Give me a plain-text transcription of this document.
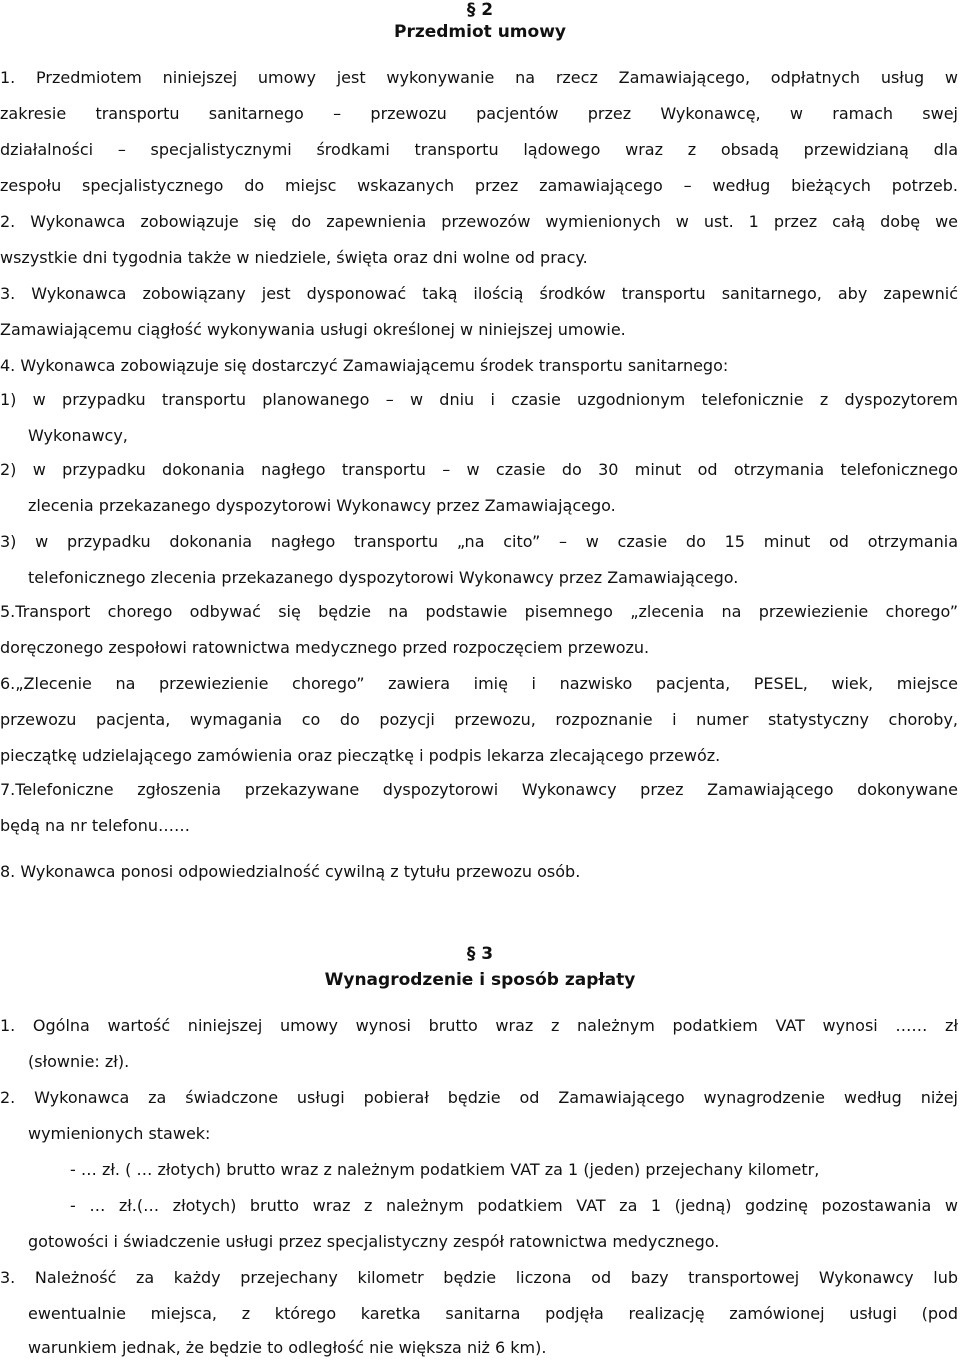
§ 2
Przedmiot umowy
1. Przedmiotem niniejszej umowy jest wykonywanie na rzecz Zamawiającego, odpłatnych usług w
zakresie transportu sanitarnego – przewozu pacjentów przez Wykonawcę, w ramach swej
działalności – specjalistycznymi środkami transportu lądowego wraz z obsadą przewidzianą dla
zespołu specjalistycznego do miejsc wskazanych przez zamawiającego – według bieżących potrzeb.
2. Wykonawca zobowiązuje się do zapewnienia przewozów wymienionych w ust. 1 przez całą dobę we
wszystkie dni tygodnia także w niedziele, święta oraz dni wolne od pracy.
3. Wykonawca zobowiązany jest dysponować taką ilością środków transportu sanitarnego, aby zapewnić
Zamawiającemu ciągłość wykonywania usługi określonej w niniejszej umowie.
4. Wykonawca zobowiązuje się dostarczyć Zamawiającemu środek transportu sanitarnego:
1) w przypadku transportu planowanego – w dniu i czasie uzgodnionym telefonicznie z dyspozytorem
Wykonawcy,
2) w przypadku dokonania nagłego transportu – w czasie do 30 minut od otrzymania telefonicznego
zlecenia przekazanego dyspozytorowi Wykonawcy przez Zamawiającego.
3) w przypadku dokonania nagłego transportu „na cito” – w czasie do 15 minut od otrzymania
telefonicznego zlecenia przekazanego dyspozytorowi Wykonawcy przez Zamawiającego.
5.Transport chorego odbywać się będzie na podstawie pisemnego „zlecenia na przewiezienie chorego”
doręczonego zespołowi ratownictwa medycznego przed rozpoczęciem przewozu.
6.„Zlecenie na przewiezienie chorego” zawiera imię i nazwisko pacjenta, PESEL, wiek, miejsce
przewozu pacjenta, wymagania co do pozycji przewozu, rozpoznanie i numer statystyczny choroby,
pieczątkę udzielającego zamówienia oraz pieczątkę i podpis lekarza zlecającego przewóz.
7.Telefoniczne zgłoszenia przekazywane dyspozytorowi Wykonawcy przez Zamawiającego dokonywane
będą na nr telefonu……
8. Wykonawca ponosi odpowiedzialność cywilną z tytułu przewozu osób.
§ 3
Wynagrodzenie i sposób zapłaty
1. Ogólna wartość niniejszej umowy wynosi brutto wraz z należnym podatkiem VAT wynosi …… zł
(słownie: zł).
2. Wykonawca za świadczone usługi pobierał będzie od Zamawiającego wynagrodzenie według niżej
wymienionych stawek:
- … zł. ( … złotych) brutto wraz z należnym podatkiem VAT za 1 (jeden) przejechany kilometr,
- … zł.(… złotych) brutto wraz z należnym podatkiem VAT za 1 (jedną) godzinę pozostawania w
gotowości i świadczenie usługi przez specjalistyczny zespół ratownictwa medycznego.
3. Należność za każdy przejechany kilometr będzie liczona od bazy transportowej Wykonawcy lub
ewentualnie miejsca, z którego karetka sanitarna podjęła realizację zamówionej usługi (pod
warunkiem jednak, że będzie to odległość nie większa niż 6 km).
